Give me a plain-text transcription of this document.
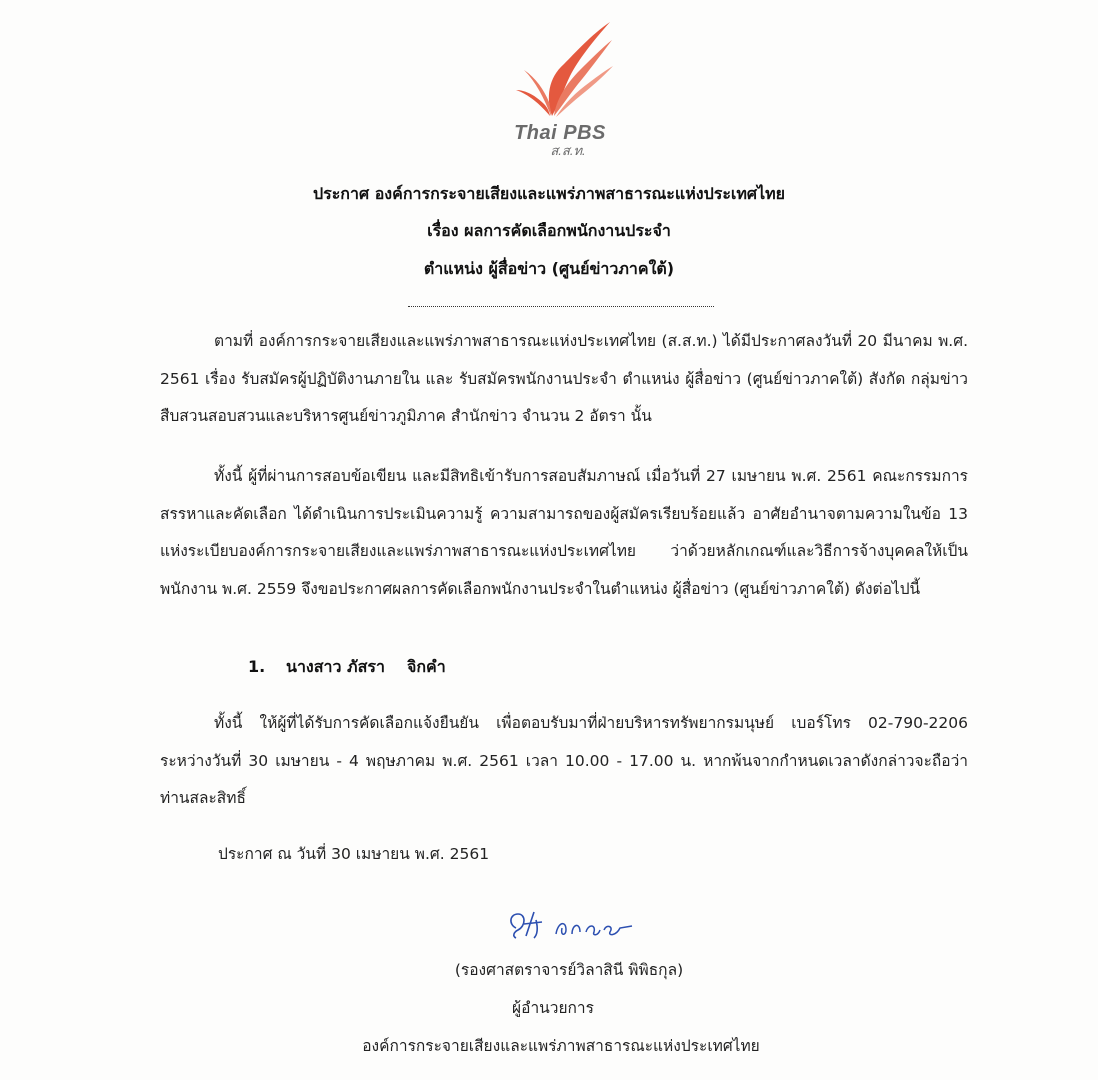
Thai PBS
ส.ส.ท.
ประกาศ องค์การกระจายเสียงและแพร่ภาพสาธารณะแห่งประเทศไทย
เรื่อง ผลการคัดเลือกพนักงานประจำ
ตำแหน่ง ผู้สื่อข่าว (ศูนย์ข่าวภาคใต้)
ตามที่ องค์การกระจายเสียงและแพร่ภาพสาธารณะแห่งประเทศไทย (ส.ส.ท.) ได้มีประกาศลงวันที่ 20 มีนาคม พ.ศ. 2561 เรื่อง รับสมัครผู้ปฏิบัติงานภายใน และ รับสมัครพนักงานประจำ ตำแหน่ง ผู้สื่อข่าว (ศูนย์ข่าวภาคใต้) สังกัด กลุ่มข่าวสืบสวนสอบสวนและบริหารศูนย์ข่าวภูมิภาค สำนักข่าว จำนวน 2 อัตรา นั้น
ทั้งนี้ ผู้ที่ผ่านการสอบข้อเขียน และมีสิทธิเข้ารับการสอบสัมภาษณ์ เมื่อวันที่ 27 เมษายน พ.ศ. 2561 คณะกรรมการสรรหาและคัดเลือก ได้ดำเนินการประเมินความรู้ ความสามารถของผู้สมัครเรียบร้อยแล้ว อาศัยอำนาจตามความในข้อ 13 แห่งระเบียบองค์การกระจายเสียงและแพร่ภาพสาธารณะแห่งประเทศไทย ว่าด้วยหลักเกณฑ์และวิธีการจ้างบุคคลให้เป็นพนักงาน พ.ศ. 2559 จึงขอประกาศผลการคัดเลือกพนักงานประจำในตำแหน่ง ผู้สื่อข่าว (ศูนย์ข่าวภาคใต้) ดังต่อไปนี้
1. นางสาว ภัสรา จิกคำ
ทั้งนี้ ให้ผู้ที่ได้รับการคัดเลือกแจ้งยืนยัน เพื่อตอบรับมาที่ฝ่ายบริหารทรัพยากรมนุษย์ เบอร์โทร 02-790-2206 ระหว่างวันที่ 30 เมษายน - 4 พฤษภาคม พ.ศ. 2561 เวลา 10.00 - 17.00 น. หากพ้นจากกำหนดเวลาดังกล่าวจะถือว่าท่านสละสิทธิ์
ประกาศ ณ วันที่ 30 เมษายน พ.ศ. 2561
(รองศาสตราจารย์วิลาสินี พิพิธกุล)
ผู้อำนวยการ
องค์การกระจายเสียงและแพร่ภาพสาธารณะแห่งประเทศไทย
